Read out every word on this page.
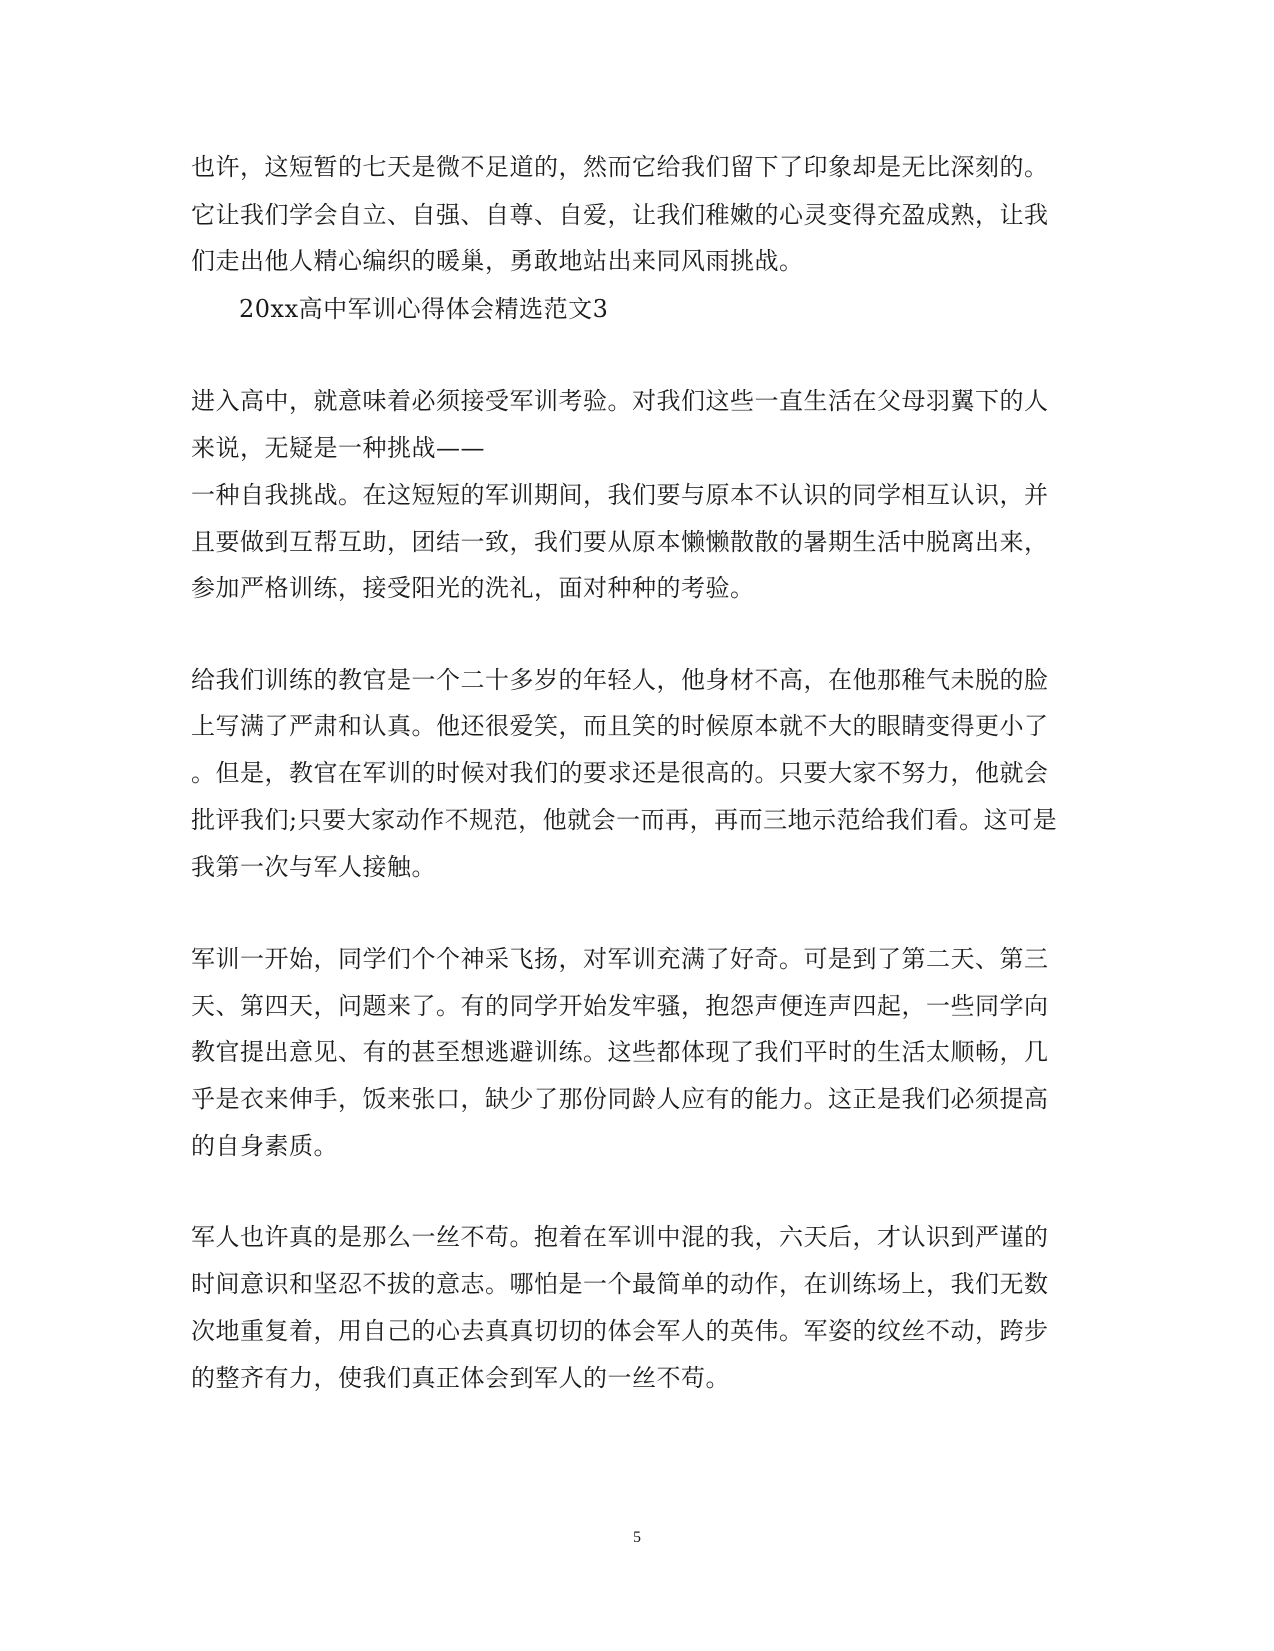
也许，这短暂的七天是微不足道的，然而它给我们留下了印象却是无比深刻的。
它让我们学会自立、自强、自尊、自爱，让我们稚嫩的心灵变得充盈成熟，让我
们走出他人精心编织的暖巢，勇敢地站出来同风雨挑战。
20xx高中军训心得体会精选范文3
进入高中，就意味着必须接受军训考验。对我们这些一直生活在父母羽翼下的人
来说，无疑是一种挑战——
一种自我挑战。在这短短的军训期间，我们要与原本不认识的同学相互认识，并
且要做到互帮互助，团结一致，我们要从原本懒懒散散的暑期生活中脱离出来，
参加严格训练，接受阳光的洗礼，面对种种的考验。
给我们训练的教官是一个二十多岁的年轻人，他身材不高，在他那稚气未脱的脸
上写满了严肃和认真。他还很爱笑，而且笑的时候原本就不大的眼睛变得更小了
。但是，教官在军训的时候对我们的要求还是很高的。只要大家不努力，他就会
批评我们;只要大家动作不规范，他就会一而再，再而三地示范给我们看。这可是
我第一次与军人接触。
军训一开始，同学们个个神采飞扬，对军训充满了好奇。可是到了第二天、第三
天、第四天，问题来了。有的同学开始发牢骚，抱怨声便连声四起，一些同学向
教官提出意见、有的甚至想逃避训练。这些都体现了我们平时的生活太顺畅，几
乎是衣来伸手，饭来张口，缺少了那份同龄人应有的能力。这正是我们必须提高
的自身素质。
军人也许真的是那么一丝不苟。抱着在军训中混的我，六天后，才认识到严谨的
时间意识和坚忍不拔的意志。哪怕是一个最简单的动作，在训练场上，我们无数
次地重复着，用自己的心去真真切切的体会军人的英伟。军姿的纹丝不动，跨步
的整齐有力，使我们真正体会到军人的一丝不苟。
5
